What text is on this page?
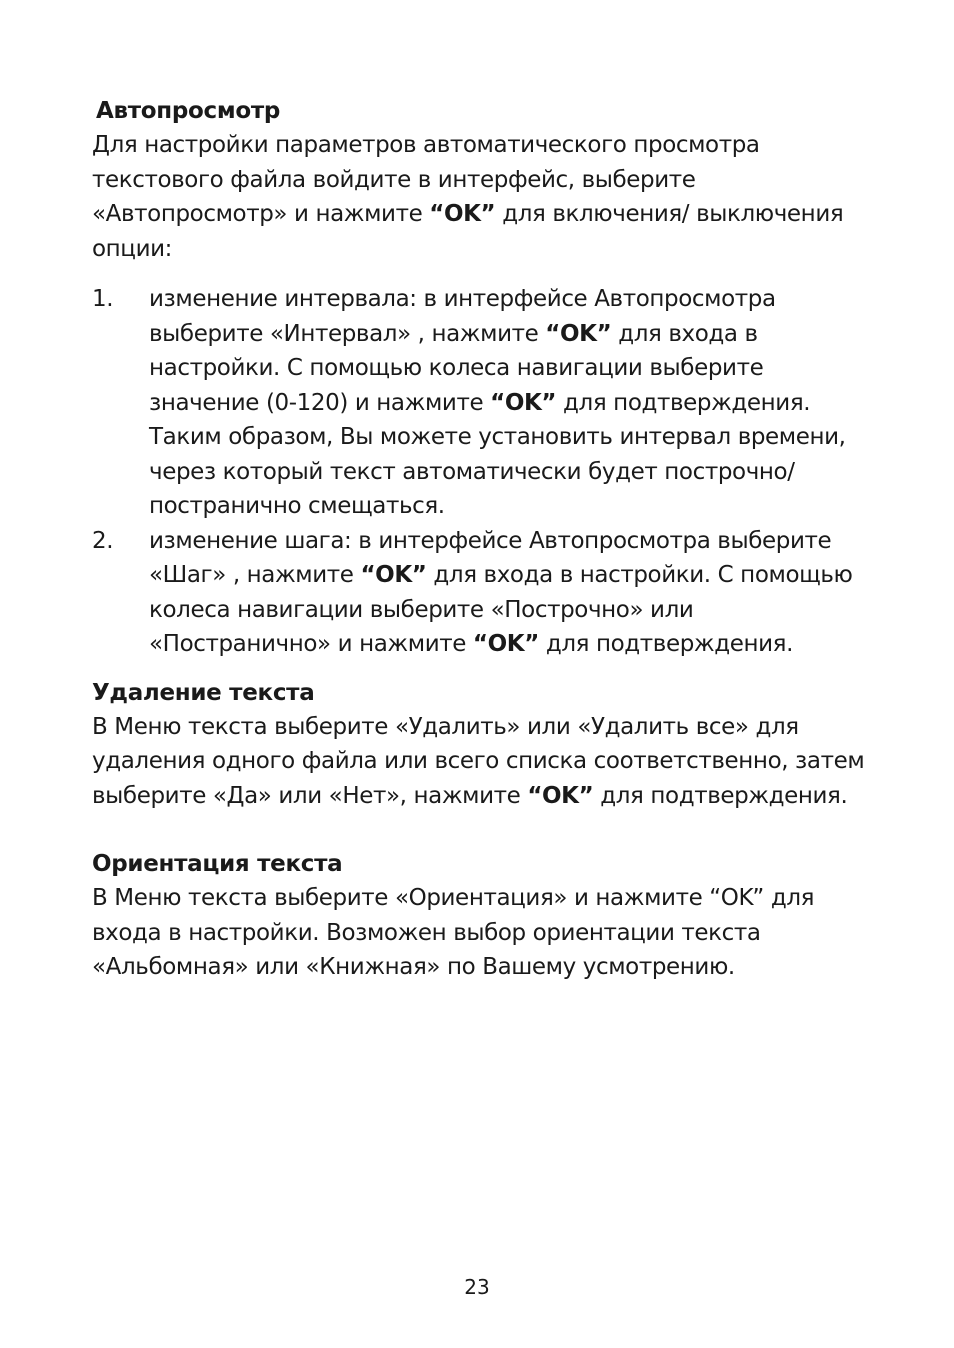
Автопросмотр

Для настройки параметров автоматического просмотра текстового файла войдите в интерфейс, выберите «Автопросмотр» и нажмите “OK” для включения/ выключения опции:

1. изменение интервала: в интерфейсе Автопросмотра выберите «Интервал» , нажмите “OK” для входа в настройки. С помощью колеса навигации выберите значение (0-120) и нажмите “OK” для подтверждения. Таким образом, Вы можете установить интервал времени, через который текст автоматически будет построчно/постранично смещаться.
2. изменение шага: в интерфейсе Автопросмотра выберите «Шаг» , нажмите “OK” для входа в настройки. С помощью колеса навигации выберите «Построчно» или «Постранично» и нажмите “OK” для подтверждения.
Удаление текста

В Меню текста выберите «Удалить» или «Удалить все» для удаления одного файла или всего списка соответственно, затем выберите «Да» или «Нет», нажмите “OK” для подтверждения.

Ориентация текста

В Меню текста выберите «Ориентация» и нажмите “OK” для входа в настройки. Возможен выбор ориентации текста «Альбомная» или «Книжная» по Вашему усмотрению.

23
